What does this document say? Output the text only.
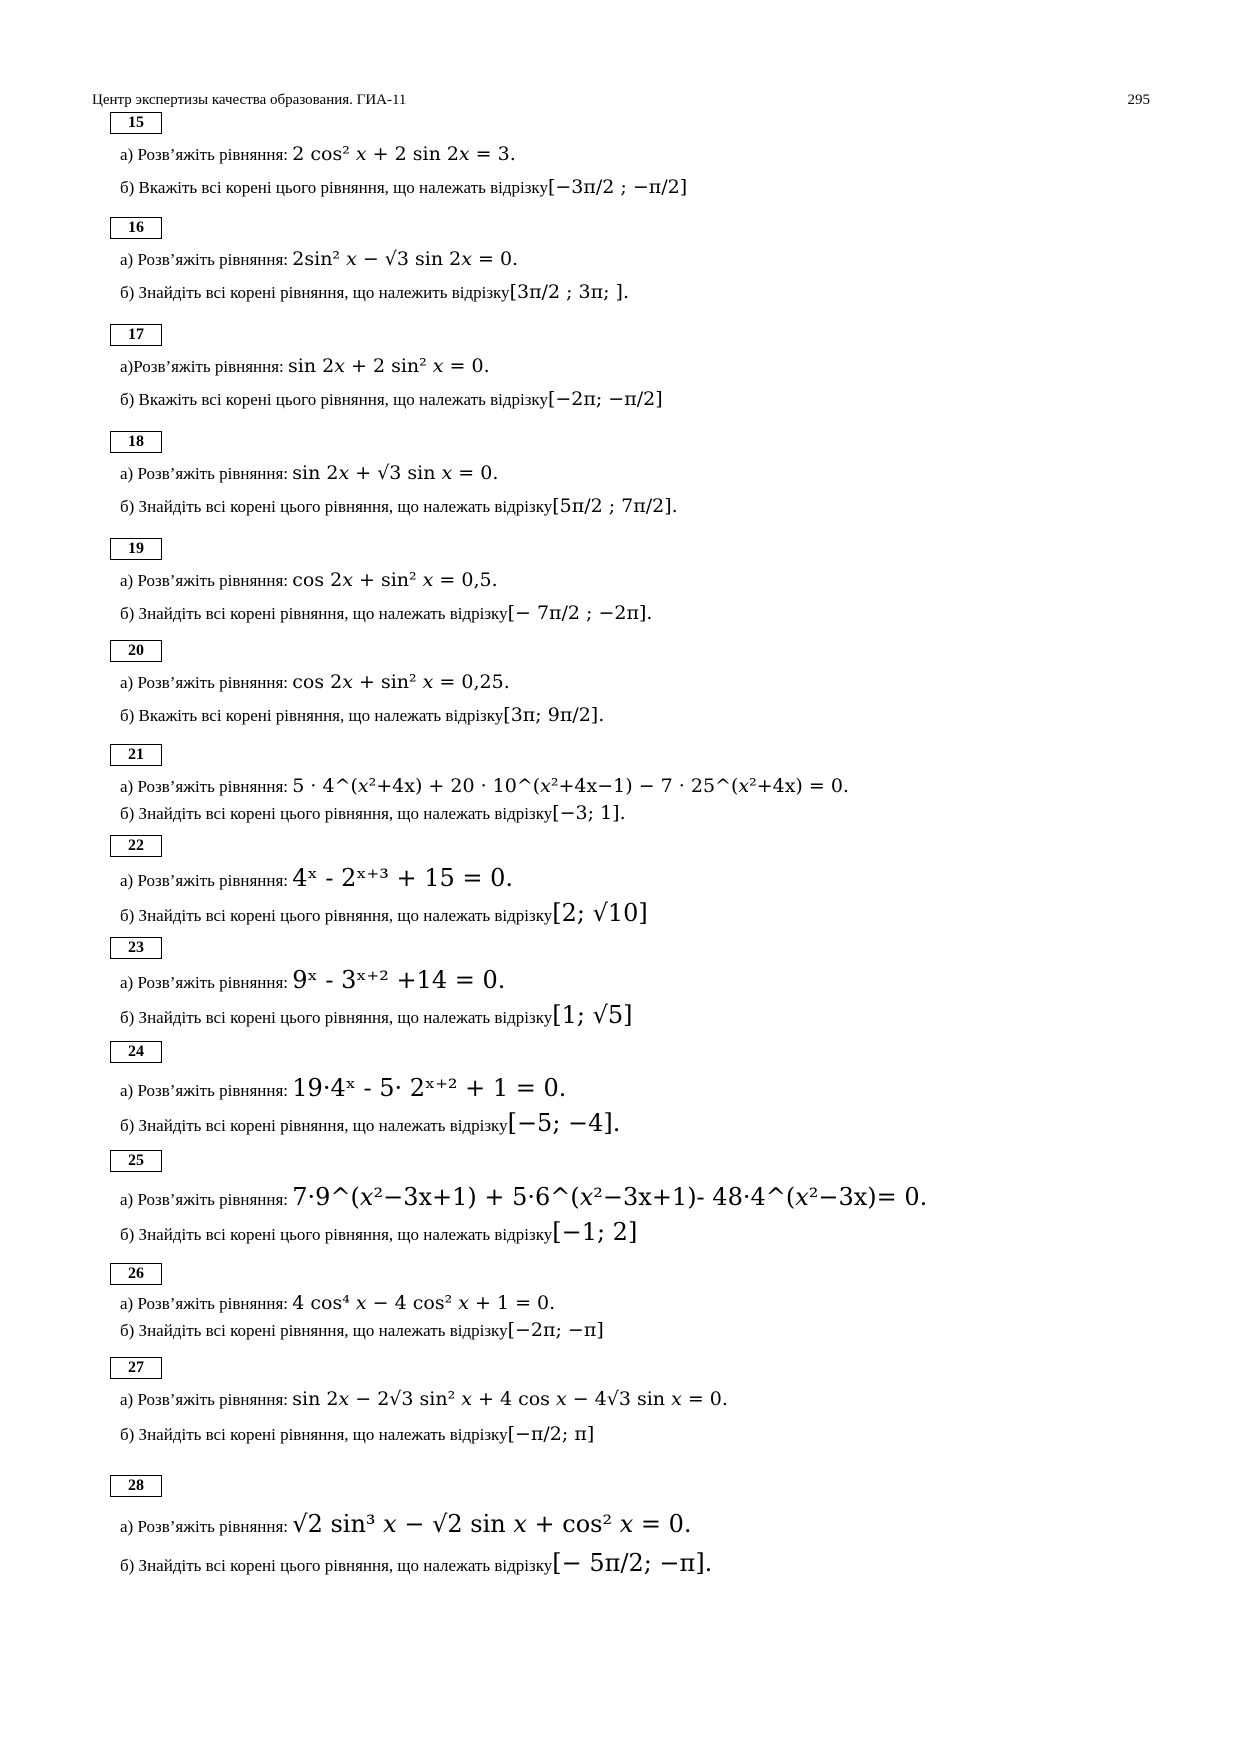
Центр экспертизы качества образования. ГИА-11	295
15
а) Розв’яжіть рівняння: 2 cos² 𝑥 + 2 sin 2𝑥 = 3.
б) Вкажіть всі корені цього рівняння, що належать відрізку[−3π/2 ; −π/2]
16
а) Розв’яжіть рівняння: 2sin² 𝑥 − √3 sin 2𝑥 = 0.
б) Знайдіть всі корені рівняння, що належить відрізку[3π/2 ; 3π; ].
17
а)Розв’яжіть рівняння: sin 2𝑥 + 2 sin² 𝑥 = 0.
б) Вкажіть всі корені цього рівняння, що належать відрізку[−2π; −π/2]
18
а) Розв’яжіть рівняння: sin 2𝑥 + √3 sin 𝑥 = 0.
б) Знайдіть всі корені цього рівняння, що належать відрізку[5π/2 ; 7π/2].
19
а) Розв’яжіть рівняння: cos 2𝑥 + sin² 𝑥 = 0,5.
б) Знайдіть всі корені рівняння, що належать відрізку[− 7π/2 ; −2π].
20
а) Розв’яжіть рівняння: cos 2𝑥 + sin² 𝑥 = 0,25.
б) Вкажіть всі корені рівняння, що належать відрізку[3π; 9π/2].
21
а) Розв’яжіть рівняння: 5 · 4^(𝑥²+4x) + 20 · 10^(𝑥²+4x−1) − 7 · 25^(𝑥²+4x) = 0.
б) Знайдіть всі корені цього рівняння, що належать відрізку[−3; 1].
22
а) Розв’яжіть рівняння: 4ˣ - 2ˣ⁺³ + 15 = 0.
б) Знайдіть всі корені цього рівняння, що належать відрізку[2; √10]
23
а) Розв’яжіть рівняння: 9ˣ - 3ˣ⁺² +14 = 0.
б) Знайдіть всі корені цього рівняння, що належать відрізку[1; √5]
24
а) Розв’яжіть рівняння: 19·4ˣ - 5· 2ˣ⁺² + 1 = 0.
б) Знайдіть всі корені рівняння, що належать відрізку[−5; −4].
25
а) Розв’яжіть рівняння: 7·9^(𝑥²−3x+1) + 5·6^(𝑥²−3x+1)- 48·4^(𝑥²−3x)= 0.
б) Знайдіть всі корені цього рівняння, що належать відрізку[−1; 2]
26
а) Розв’яжіть рівняння: 4 cos⁴ 𝑥 − 4 cos² 𝑥 + 1 = 0.
б) Знайдіть всі корені рівняння, що належать відрізку[−2π; −π]
27
а) Розв’яжіть рівняння: sin 2𝑥 − 2√3 sin² 𝑥 + 4 cos 𝑥 − 4√3 sin 𝑥 = 0.
б) Знайдіть всі корені рівняння, що належать відрізку[−π/2; π]
28
а) Розв’яжіть рівняння: √2 sin³ 𝑥 − √2 sin 𝑥 + cos² 𝑥 = 0.
б) Знайдіть всі корені цього рівняння, що належать відрізку[− 5π/2; −π].
